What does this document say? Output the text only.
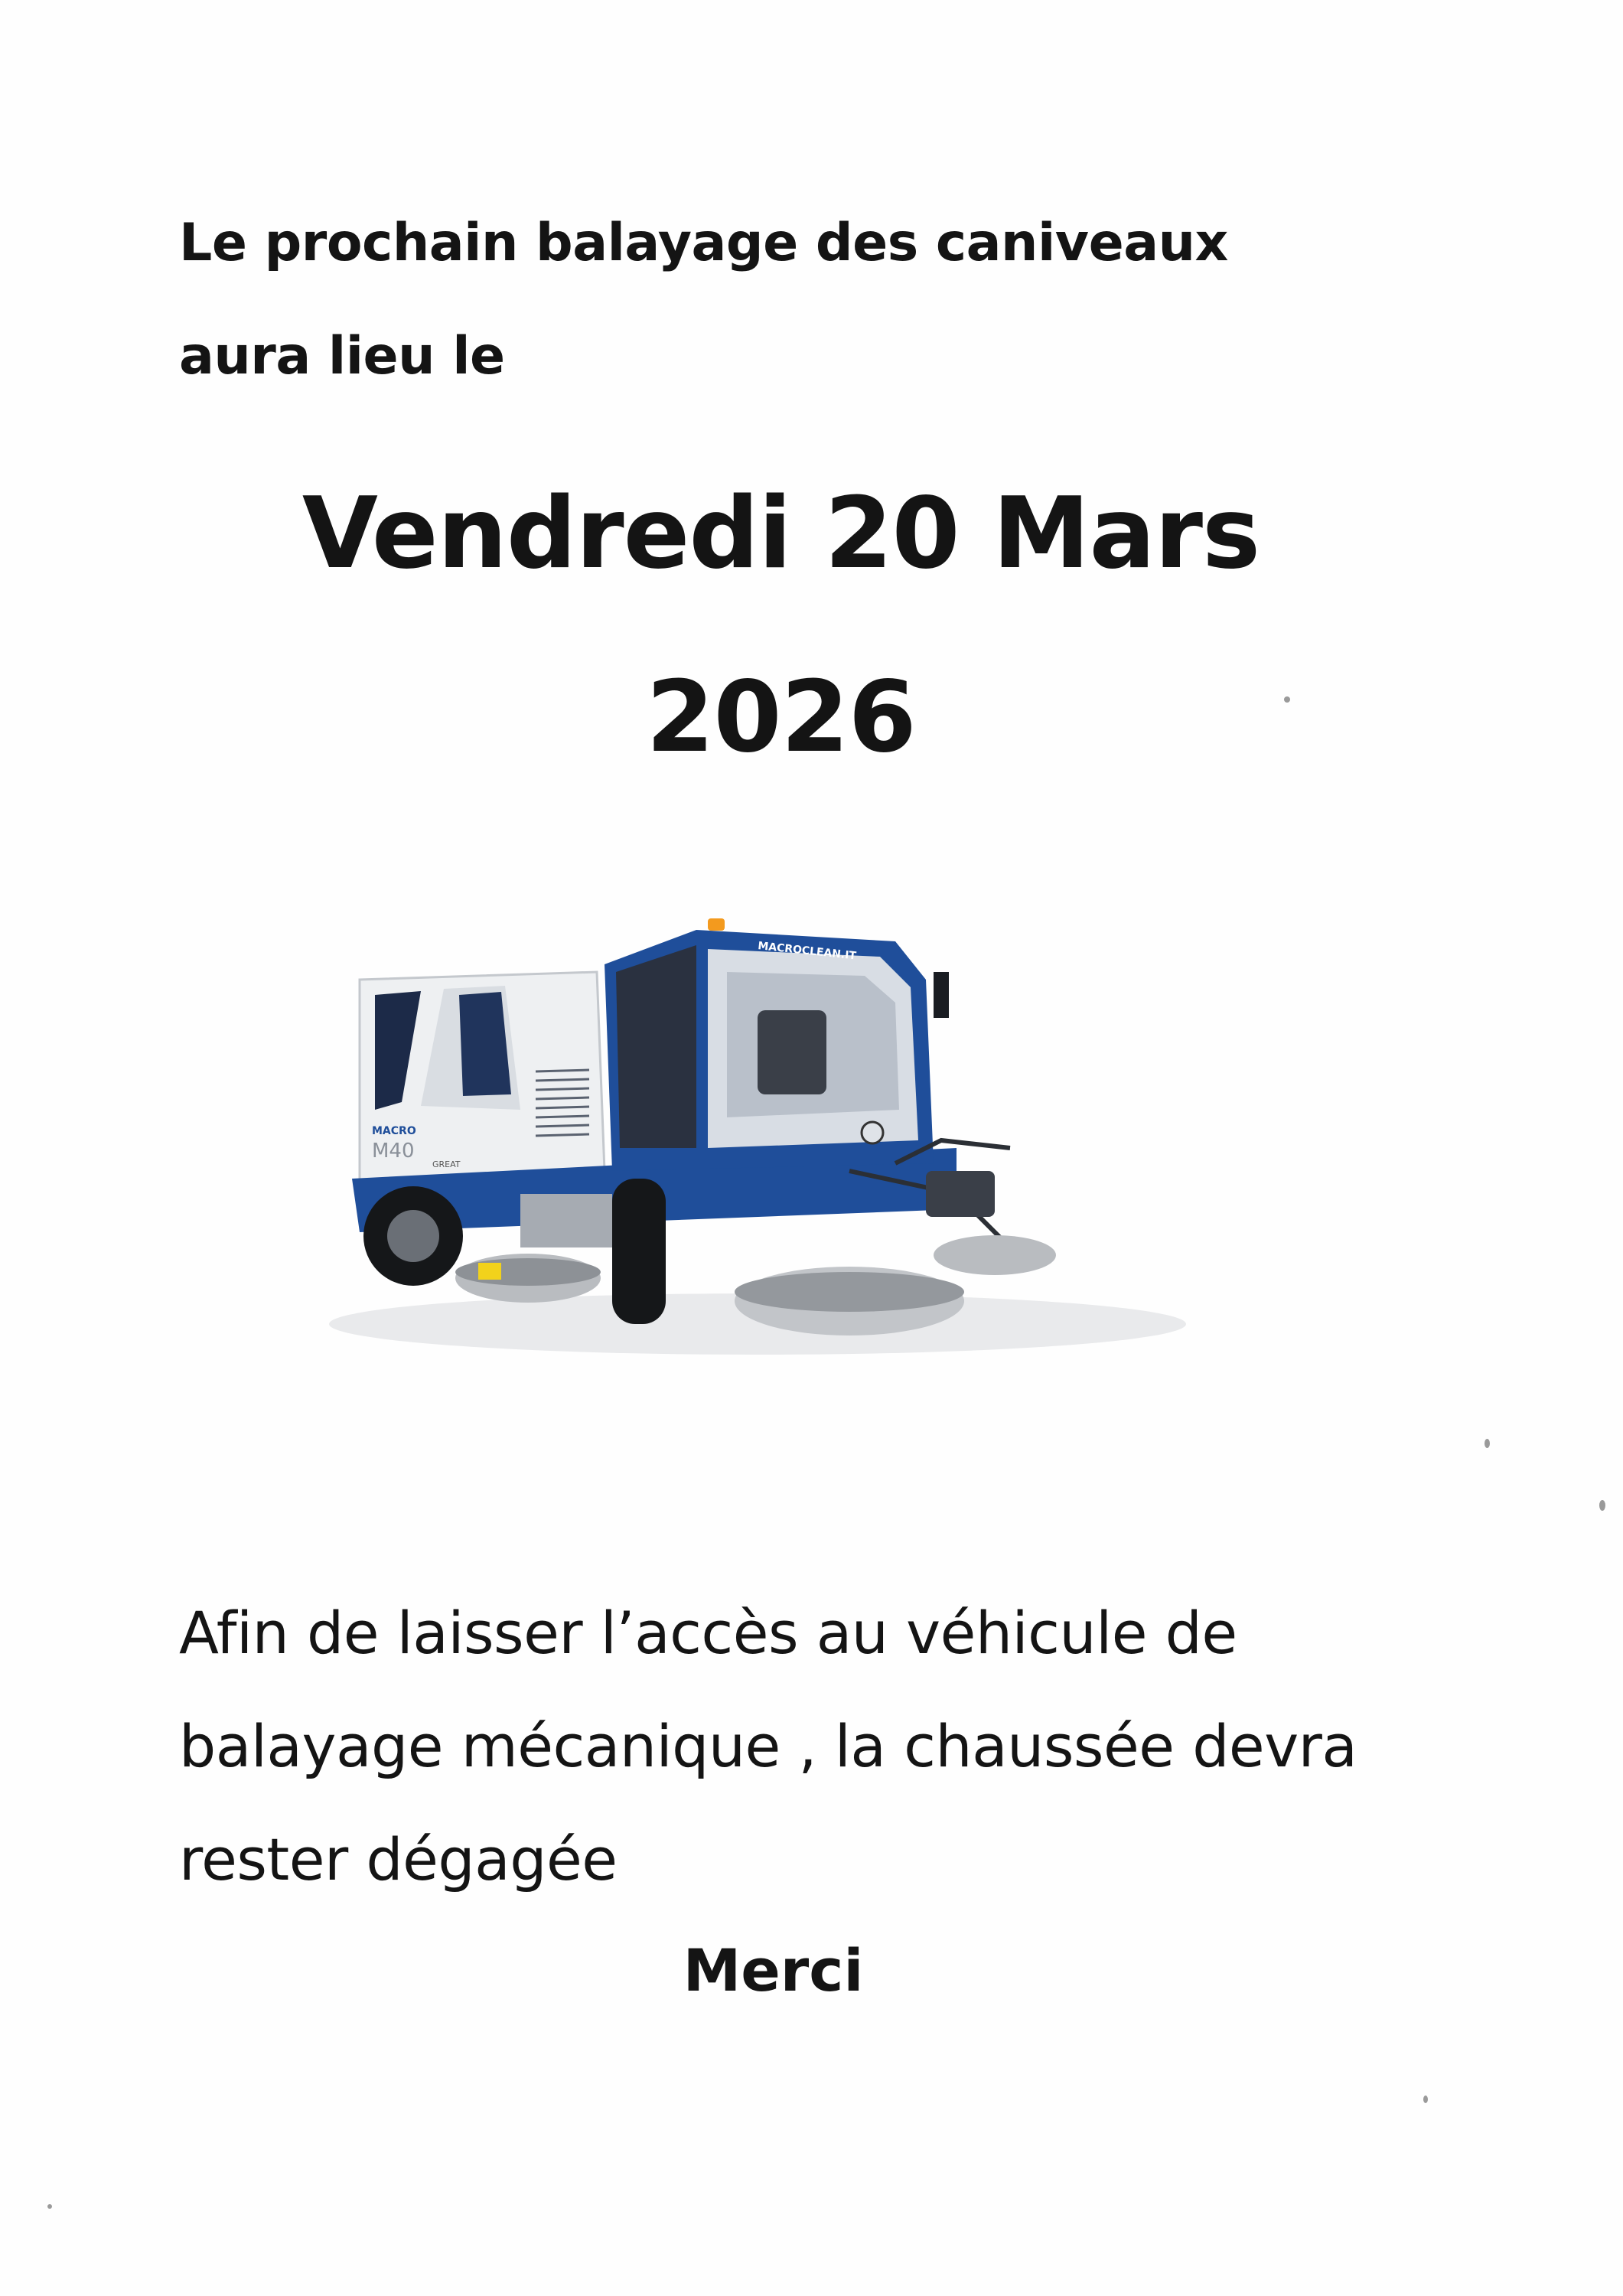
Le prochain balayage des caniveaux
aura lieu le
Vendredi 20 Mars
2026
MACRO
M40
GREAT
MACROCLEAN.IT
Afin de laisser l’accès au véhicule de
balayage mécanique , la chaussée devra
rester dégagée
Merci
